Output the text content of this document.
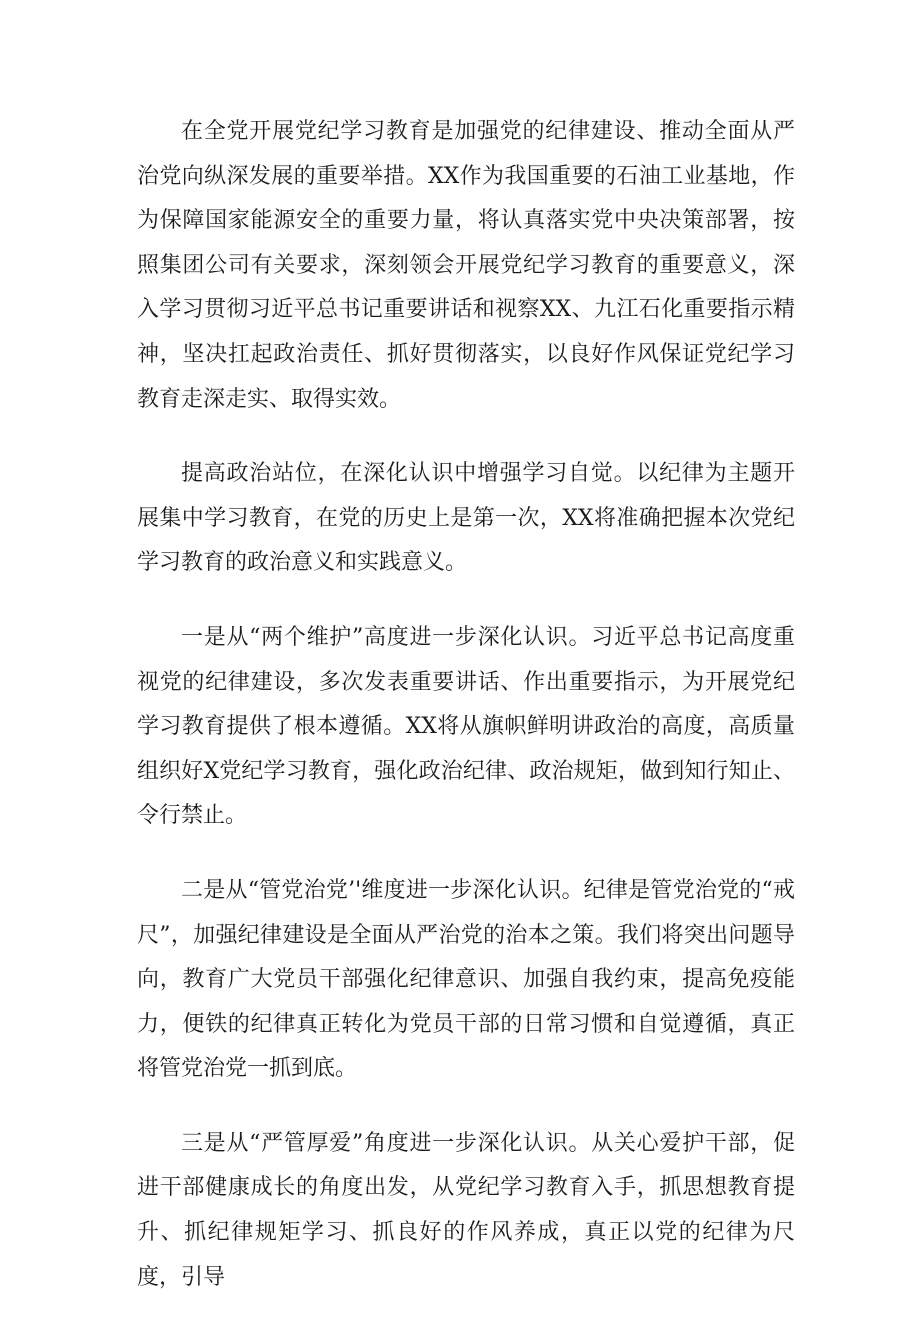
在全党开展党纪学习教育是加强党的纪律建设、推动全面从严治党向纵深发展的重要举措。XX作为我国重要的石油工业基地，作为保障国家能源安全的重要力量，将认真落实党中央决策部署，按照集团公司有关要求，深刻领会开展党纪学习教育的重要意义，深入学习贯彻习近平总书记重要讲话和视察XX、九江石化重要指示精神，坚决扛起政治责任、抓好贯彻落实，以良好作风保证党纪学习教育走深走实、取得实效。

提高政治站位，在深化认识中增强学习自觉。以纪律为主题开展集中学习教育，在党的历史上是第一次，XX将准确把握本次党纪学习教育的政治意义和实践意义。

一是从“两个维护”高度进一步深化认识。习近平总书记高度重视党的纪律建设，多次发表重要讲话、作出重要指示，为开展党纪学习教育提供了根本遵循。XX将从旗帜鲜明讲政治的高度，高质量组织好X党纪学习教育，强化政治纪律、政治规矩，做到知行知止、令行禁止。

二是从“管党治党’'维度进一步深化认识。纪律是管党治党的“戒尺”，加强纪律建设是全面从严治党的治本之策。我们将突出问题导向，教育广大党员干部强化纪律意识、加强自我约束，提高免疫能力，便铁的纪律真正转化为党员干部的日常习惯和自觉遵循，真正将管党治党一抓到底。

三是从“严管厚爱”角度进一步深化认识。从关心爱护干部，促进干部健康成长的角度出发，从党纪学习教育入手，抓思想教育提升、抓纪律规矩学习、抓良好的作风养成，真正以党的纪律为尺度，引导
